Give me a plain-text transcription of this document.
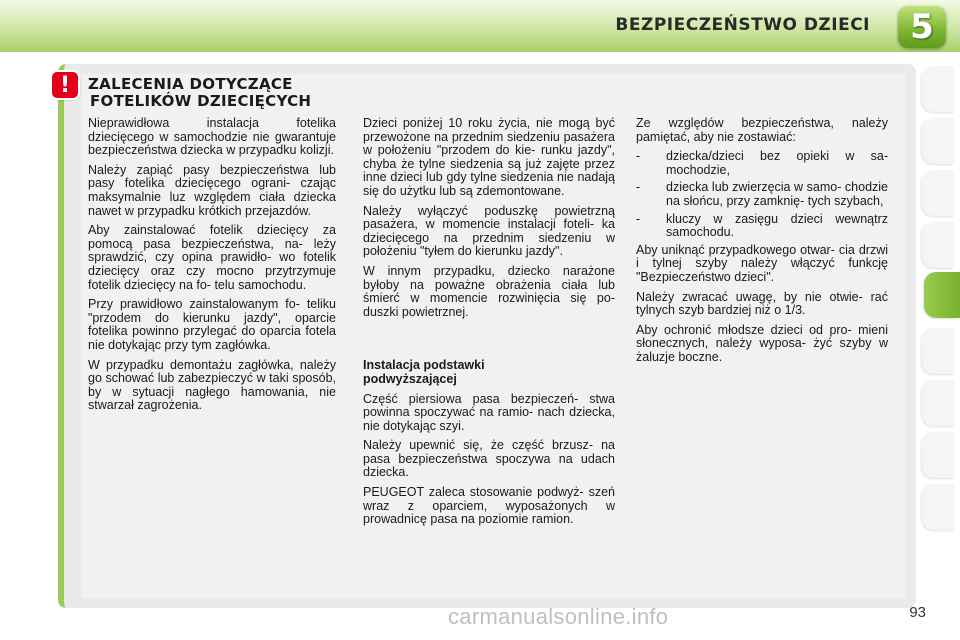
BEZPIECZEŃSTWO DZIECI	5
!	ZALECENIA DOTYCZĄCE
FOTELIKÓW DZIECIĘCYCH

Nieprawidłowa instalacja fotelika dziecięcego w samochodzie nie gwarantuje bezpieczeństwa dziecka w przypadku kolizji.

Należy zapiąć pasy bezpieczeństwa lub pasy fotelika dziecięcego ograni- czając maksymalnie luz względem ciała dziecka nawet w przypadku krótkich przejazdów.

Aby zainstalować fotelik dziecięcy za pomocą pasa bezpieczeństwa, na- leży sprawdzić, czy opina prawidło- wo fotelik dziecięcy oraz czy mocno przytrzymuje fotelik dziecięcy na fo- telu samochodu.

Przy prawidłowo zainstalowanym fo- teliku "przodem do kierunku jazdy", oparcie fotelika powinno przylegać do oparcia fotela nie dotykając przy tym zagłówka.

W przypadku demontażu zagłówka, należy go schować lub zabezpieczyć w taki sposób, by w sytuacji nagłego hamowania, nie stwarzał zagrożenia.

Dzieci poniżej 10 roku życia, nie mogą być przewożone na przednim siedzeniu pasażera w położeniu "przodem do kie- runku jazdy", chyba że tylne siedzenia są już zajęte przez inne dzieci lub gdy tylne siedzenia nie nadają się do użytku lub są zdemontowane.

Należy wyłączyć poduszkę powietrzną pasażera, w momencie instalacji foteli- ka dziecięcego na przednim siedzeniu w położeniu "tyłem do kierunku jazdy".

W innym przypadku, dziecko narażone byłoby na poważne obrażenia ciała lub śmierć w momencie rozwinięcia się po- duszki powietrznej.

Instalacja podstawki
podwyższającej

Część piersiowa pasa bezpieczeń- stwa powinna spoczywać na ramio- nach dziecka, nie dotykając szyi.

Należy upewnić się, że część brzusz- na pasa bezpieczeństwa spoczywa na udach dziecka.

PEUGEOT zaleca stosowanie podwyż- szeń wraz z oparciem, wyposażonych w prowadnicę pasa na poziomie ramion.

Ze względów bezpieczeństwa, należy pamiętać, aby nie zostawiać:

-	dziecka/dzieci bez opieki w sa- mochodzie,
-	dziecka lub zwierzęcia w samo- chodzie na słońcu, przy zamknię- tych szybach,
-	kluczy w zasięgu dzieci wewnątrz samochodu.

Aby uniknąć przypadkowego otwar- cia drzwi i tylnej szyby należy włączyć funkcję "Bezpieczeństwo dzieci".

Należy zwracać uwagę, by nie otwie- rać tylnych szyb bardziej niż o 1/3.

Aby ochronić młodsze dzieci od pro- mieni słonecznych, należy wyposa- żyć szyby w żaluzje boczne.

carmanualsonline.info	93
